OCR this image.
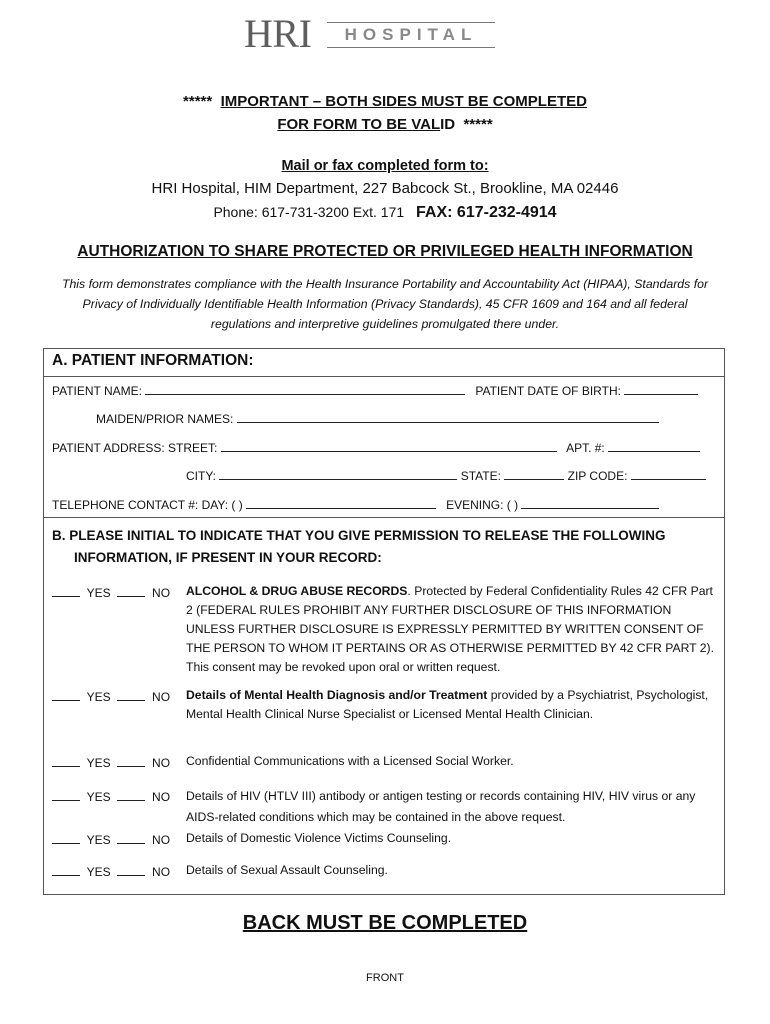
HRI	HOSPITAL
***** IMPORTANT – BOTH SIDES MUST BE COMPLETED
FOR FORM TO BE VALID *****
Mail or fax completed form to:
HRI Hospital, HIM Department, 227 Babcock St., Brookline, MA 02446
Phone: 617-731-3200 Ext. 171 FAX: 617-232-4914
AUTHORIZATION TO SHARE PROTECTED OR PRIVILEGED HEALTH INFORMATION
This form demonstrates compliance with the Health Insurance Portability and Accountability Act (HIPAA), Standards for Privacy of Individually Identifiable Health Information (Privacy Standards), 45 CFR 1609 and 164 and all federal regulations and interpretive guidelines promulgated there under.
A. PATIENT INFORMATION:
PATIENT NAME:	PATIENT DATE OF BIRTH:
MAIDEN/PRIOR NAMES:
PATIENT ADDRESS: STREET:	APT. #:
CITY:	STATE:	ZIP CODE:
TELEPHONE CONTACT #: DAY: ( )	EVENING: ( )
B. PLEASE INITIAL TO INDICATE THAT YOU GIVE PERMISSION TO RELEASE THE FOLLOWING INFORMATION, IF PRESENT IN YOUR RECORD:
YES	NO ALCOHOL & DRUG ABUSE RECORDS. Protected by Federal Confidentiality Rules 42 CFR Part 2 (FEDERAL RULES PROHIBIT ANY FURTHER DISCLOSURE OF THIS INFORMATION UNLESS FURTHER DISCLOSURE IS EXPRESSLY PERMITTED BY WRITTEN CONSENT OF THE PERSON TO WHOM IT PERTAINS OR AS OTHERWISE PERMITTED BY 42 CFR PART 2). This consent may be revoked upon oral or written request.
YES	NO Details of Mental Health Diagnosis and/or Treatment provided by a Psychiatrist, Psychologist, Mental Health Clinical Nurse Specialist or Licensed Mental Health Clinician.
YES	NO Confidential Communications with a Licensed Social Worker.
YES	NO Details of HIV (HTLV III) antibody or antigen testing or records containing HIV, HIV virus or any AIDS-related conditions which may be contained in the above request.
YES	NO Details of Domestic Violence Victims Counseling.
YES	NO Details of Sexual Assault Counseling.
BACK MUST BE COMPLETED
FRONT
